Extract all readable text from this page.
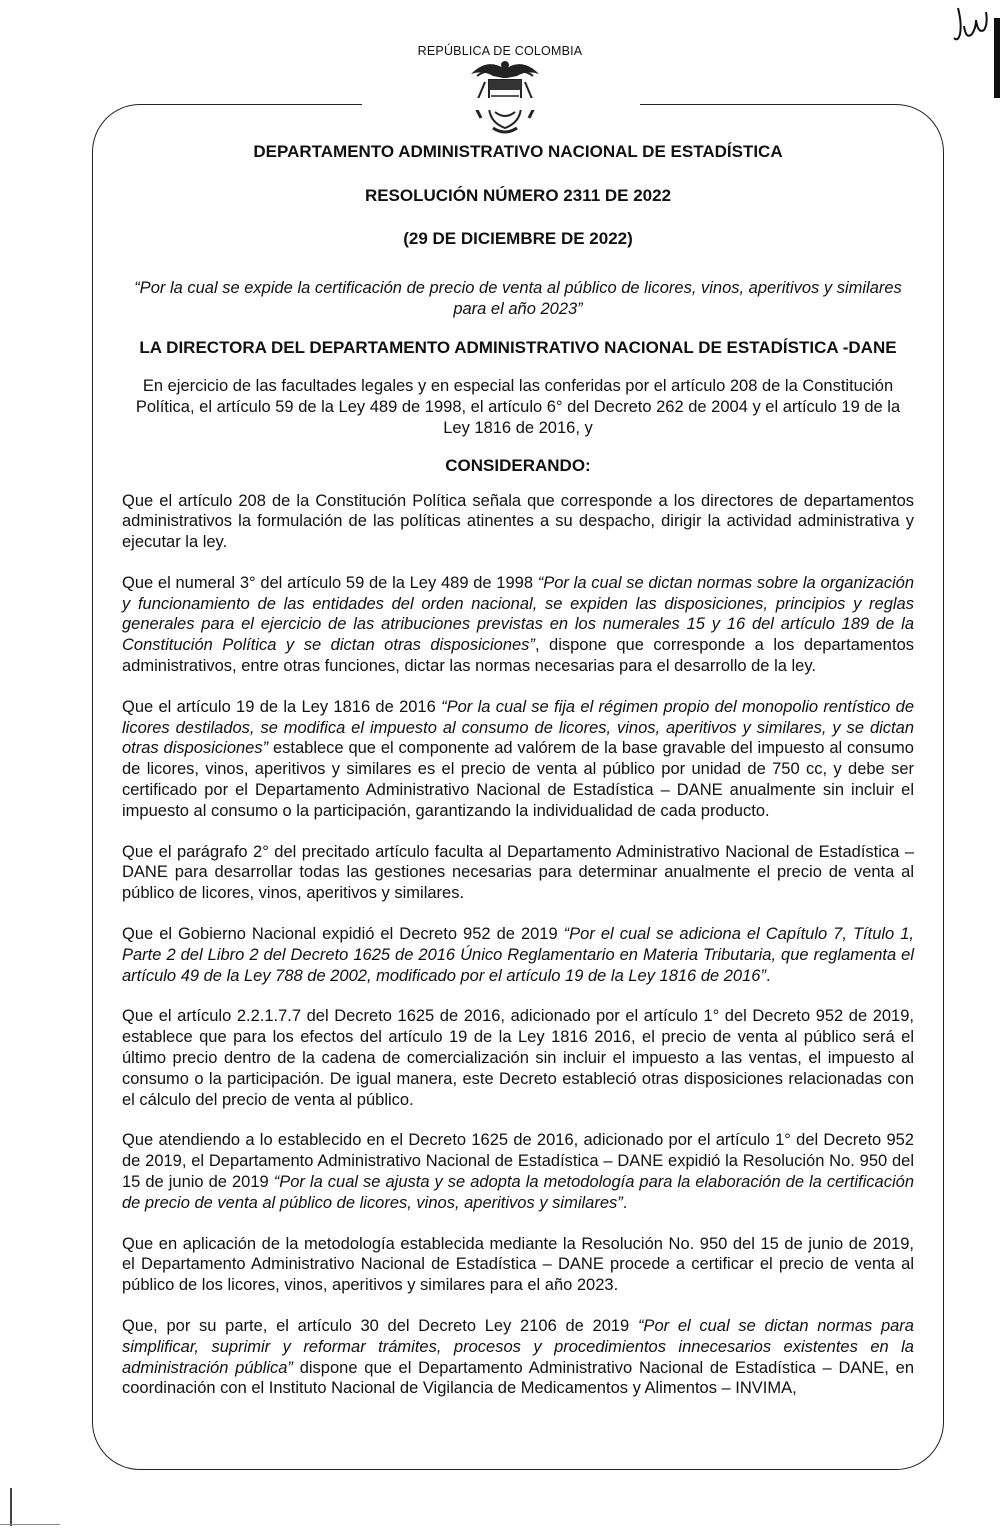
REPÚBLICA DE COLOMBIA

DEPARTAMENTO ADMINISTRATIVO NACIONAL DE ESTADÍSTICA

RESOLUCIÓN NÚMERO 2311 DE 2022

(29 DE DICIEMBRE DE 2022)

“Por la cual se expide la certificación de precio de venta al público de licores, vinos, aperitivos y similares para el año 2023”

LA DIRECTORA DEL DEPARTAMENTO ADMINISTRATIVO NACIONAL DE ESTADÍSTICA -DANE

En ejercicio de las facultades legales y en especial las conferidas por el artículo 208 de la Constitución Política, el artículo 59 de la Ley 489 de 1998, el artículo 6° del Decreto 262 de 2004 y el artículo 19 de la Ley 1816 de 2016, y

CONSIDERANDO:

Que el artículo 208 de la Constitución Política señala que corresponde a los directores de departamentos administrativos la formulación de las políticas atinentes a su despacho, dirigir la actividad administrativa y ejecutar la ley.

Que el numeral 3° del artículo 59 de la Ley 489 de 1998 “Por la cual se dictan normas sobre la organización y funcionamiento de las entidades del orden nacional, se expiden las disposiciones, principios y reglas generales para el ejercicio de las atribuciones previstas en los numerales 15 y 16 del artículo 189 de la Constitución Política y se dictan otras disposiciones”, dispone que corresponde a los departamentos administrativos, entre otras funciones, dictar las normas necesarias para el desarrollo de la ley.

Que el artículo 19 de la Ley 1816 de 2016 “Por la cual se fija el régimen propio del monopolio rentístico de licores destilados, se modifica el impuesto al consumo de licores, vinos, aperitivos y similares, y se dictan otras disposiciones” establece que el componente ad valórem de la base gravable del impuesto al consumo de licores, vinos, aperitivos y similares es el precio de venta al público por unidad de 750 cc, y debe ser certificado por el Departamento Administrativo Nacional de Estadística – DANE anualmente sin incluir el impuesto al consumo o la participación, garantizando la individualidad de cada producto.

Que el parágrafo 2° del precitado artículo faculta al Departamento Administrativo Nacional de Estadística – DANE para desarrollar todas las gestiones necesarias para determinar anualmente el precio de venta al público de licores, vinos, aperitivos y similares.

Que el Gobierno Nacional expidió el Decreto 952 de 2019 “Por el cual se adiciona el Capítulo 7, Título 1, Parte 2 del Libro 2 del Decreto 1625 de 2016 Único Reglamentario en Materia Tributaria, que reglamenta el artículo 49 de la Ley 788 de 2002, modificado por el artículo 19 de la Ley 1816 de 2016”.

Que el artículo 2.2.1.7.7 del Decreto 1625 de 2016, adicionado por el artículo 1° del Decreto 952 de 2019, establece que para los efectos del artículo 19 de la Ley 1816 2016, el precio de venta al público será el último precio dentro de la cadena de comercialización sin incluir el impuesto a las ventas, el impuesto al consumo o la participación. De igual manera, este Decreto estableció otras disposiciones relacionadas con el cálculo del precio de venta al público.

Que atendiendo a lo establecido en el Decreto 1625 de 2016, adicionado por el artículo 1° del Decreto 952 de 2019, el Departamento Administrativo Nacional de Estadística – DANE expidió la Resolución No. 950 del 15 de junio de 2019 “Por la cual se ajusta y se adopta la metodología para la elaboración de la certificación de precio de venta al público de licores, vinos, aperitivos y similares”.

Que en aplicación de la metodología establecida mediante la Resolución No. 950 del 15 de junio de 2019, el Departamento Administrativo Nacional de Estadística – DANE procede a certificar el precio de venta al público de los licores, vinos, aperitivos y similares para el año 2023.

Que, por su parte, el artículo 30 del Decreto Ley 2106 de 2019 “Por el cual se dictan normas para simplificar, suprimir y reformar trámites, procesos y procedimientos innecesarios existentes en la administración pública” dispone que el Departamento Administrativo Nacional de Estadística – DANE, en coordinación con el Instituto Nacional de Vigilancia de Medicamentos y Alimentos – INVIMA,
